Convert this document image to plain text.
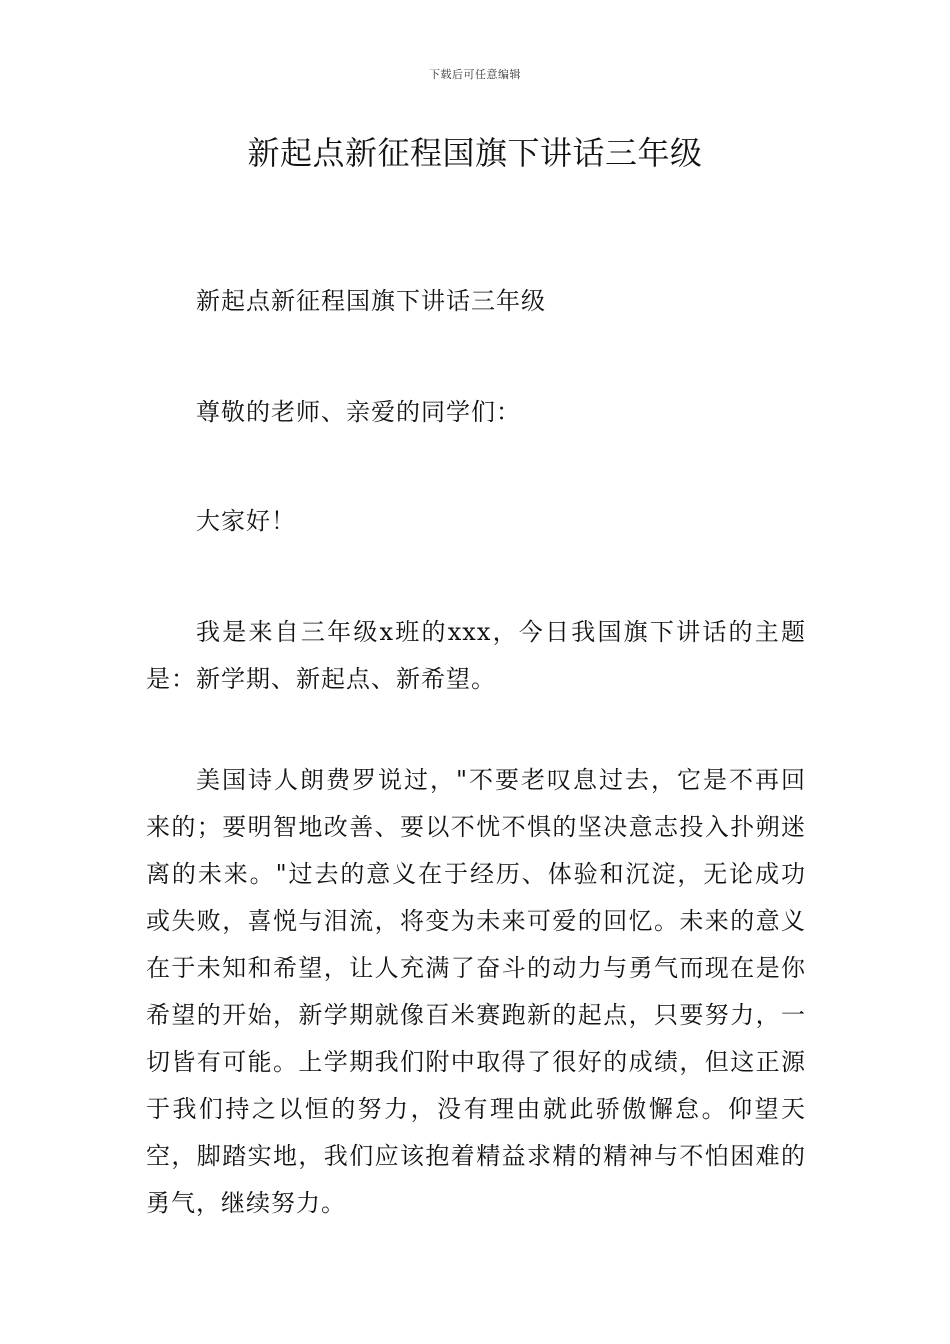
下载后可任意编辑
新起点新征程国旗下讲话三年级

新起点新征程国旗下讲话三年级

尊敬的老师、亲爱的同学们：

大家好！

我是来自三年级x班的xxx，今日我国旗下讲话的主题是：新学期、新起点、新希望。

美国诗人朗费罗说过，"不要老叹息过去，它是不再回来的；要明智地改善、要以不忧不惧的坚决意志投入扑朔迷离的未来。"过去的意义在于经历、体验和沉淀，无论成功或失败，喜悦与泪流，将变为未来可爱的回忆。未来的意义在于未知和希望，让人充满了奋斗的动力与勇气而现在是你希望的开始，新学期就像百米赛跑新的起点，只要努力，一切皆有可能。上学期我们附中取得了很好的成绩，但这正源于我们持之以恒的努力，没有理由就此骄傲懈怠。仰望天空，脚踏实地，我们应该抱着精益求精的精神与不怕困难的勇气，继续努力。
